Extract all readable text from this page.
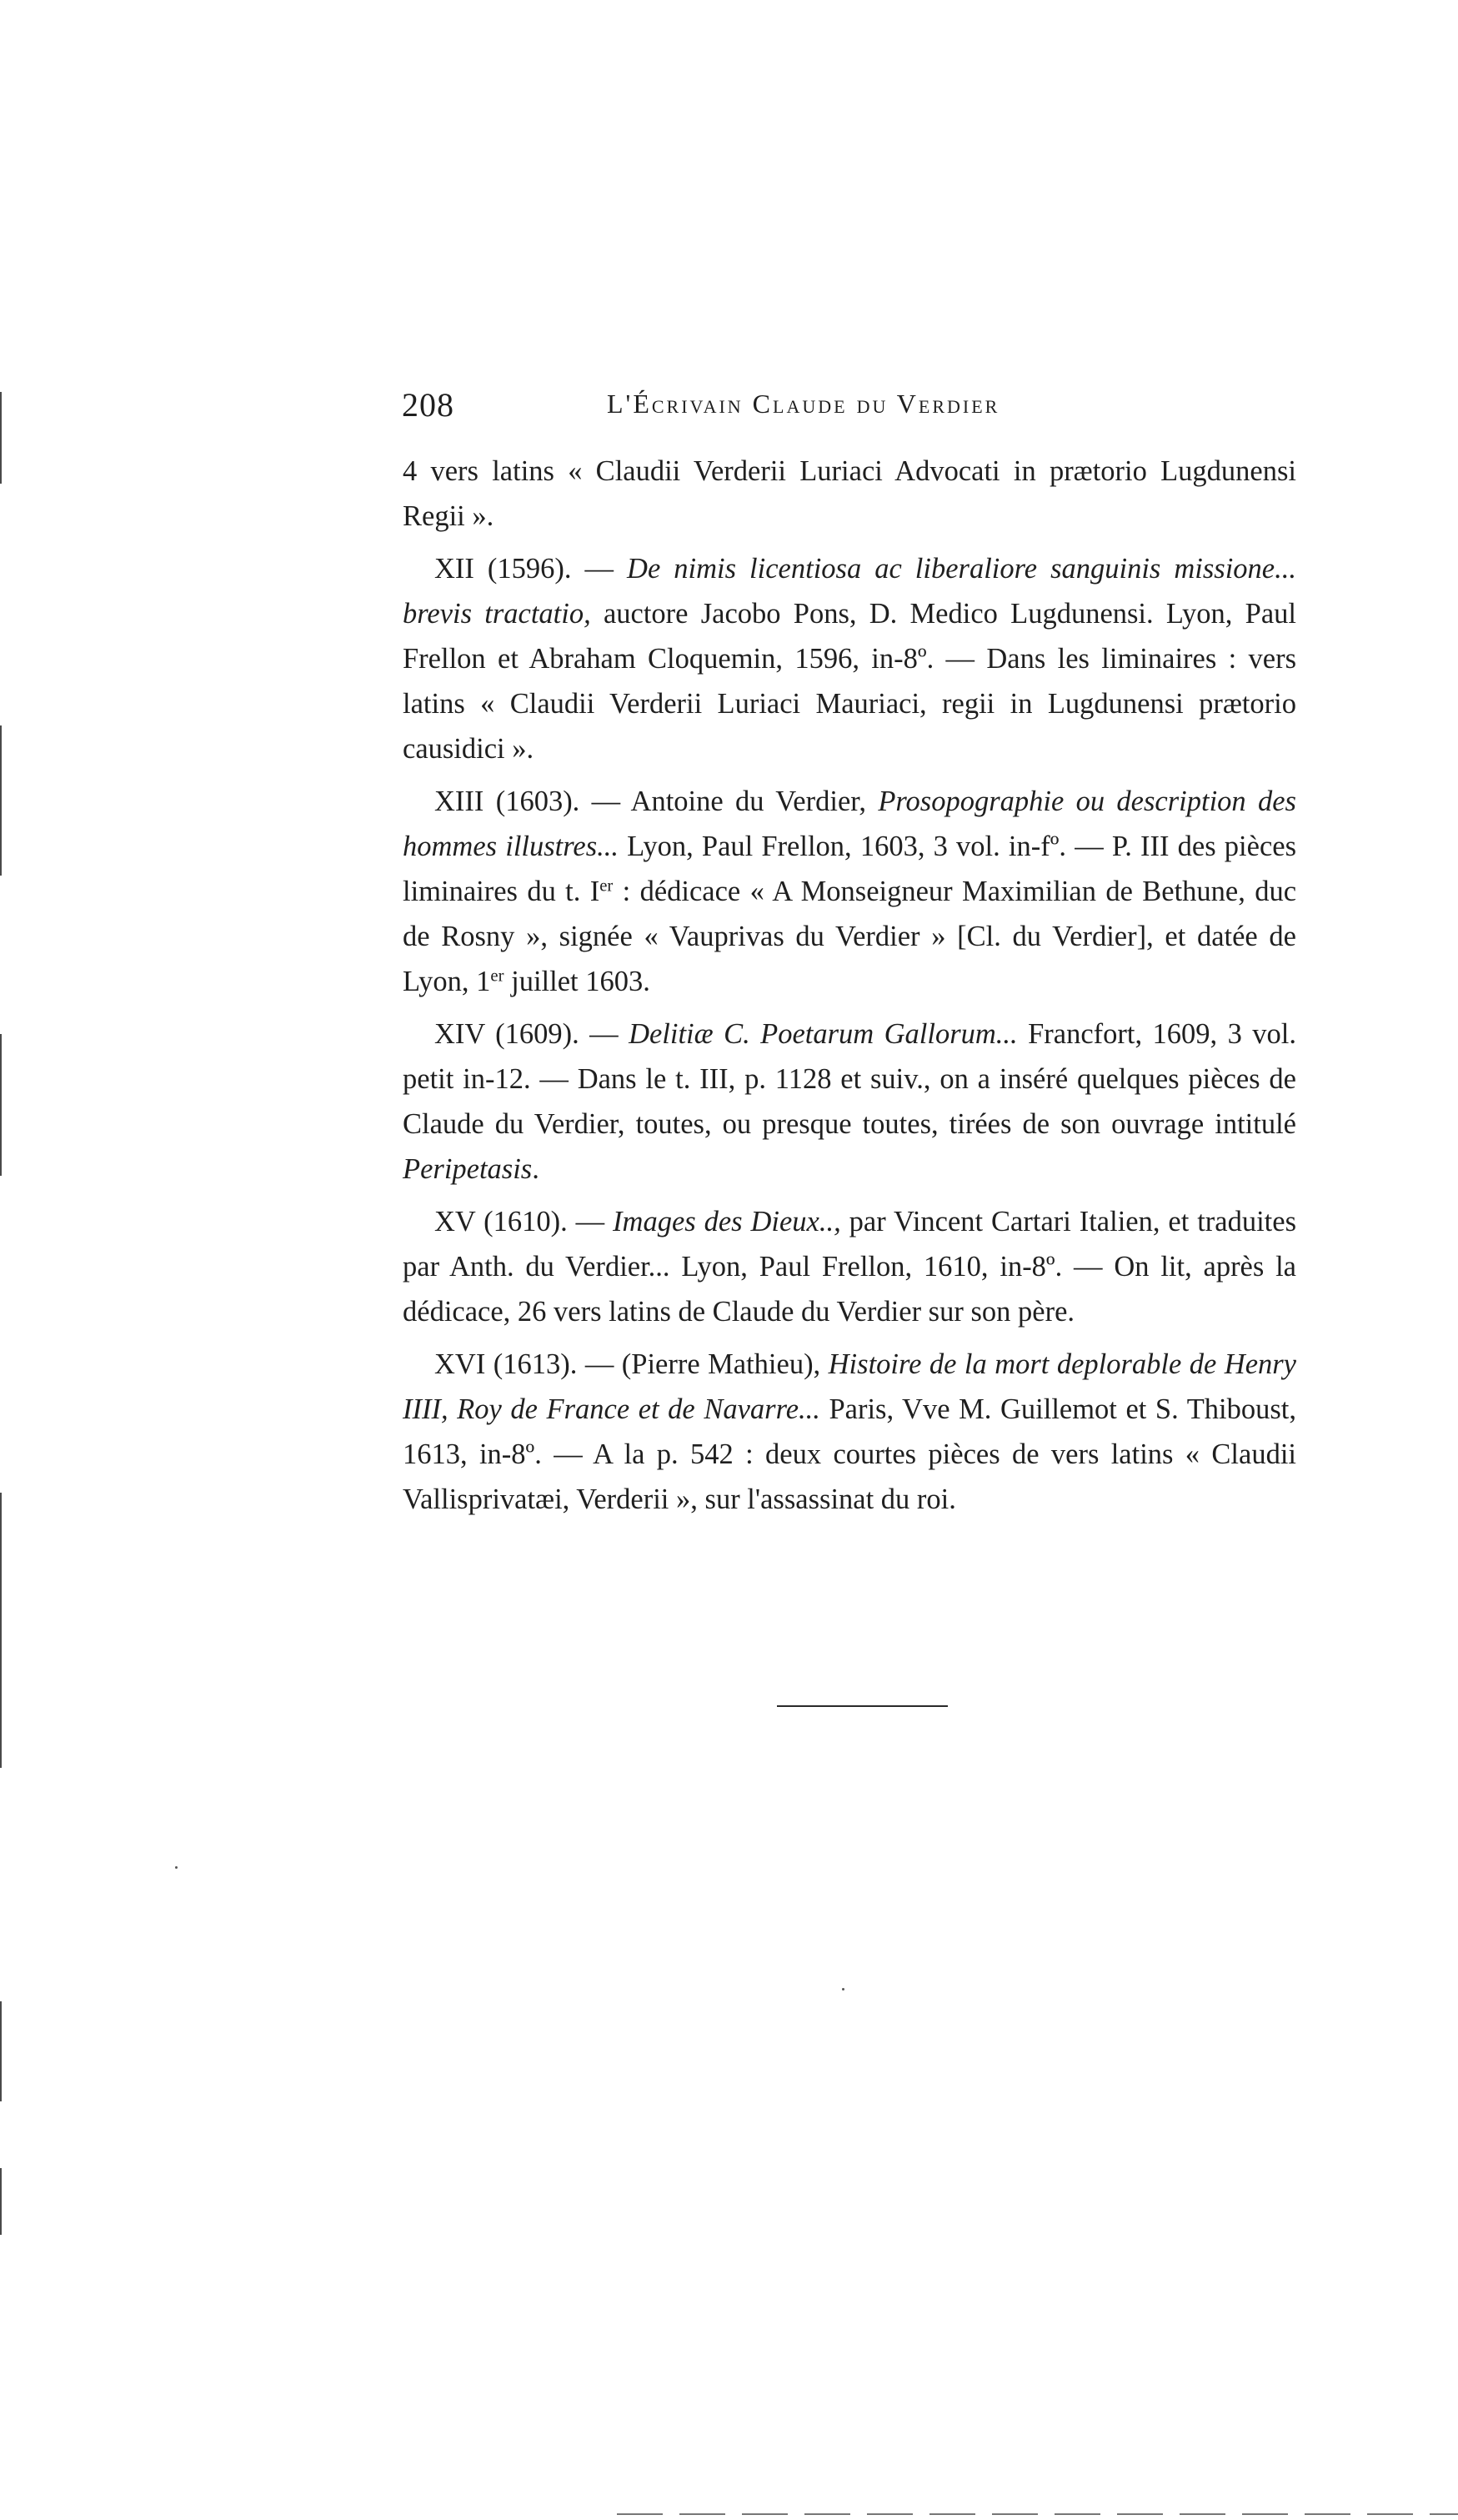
208	L'Écrivain Claude du Verdier

4 vers latins « Claudii Verderii Luriaci Advocati in prætorio Lugdunensi Regii ».

XII (1596). — De nimis licentiosa ac liberaliore sanguinis missione... brevis tractatio, auctore Jacobo Pons, D. Medico Lugdunensi. Lyon, Paul Frellon et Abraham Cloquemin, 1596, in-8º. — Dans les liminaires : vers latins « Claudii Verderii Luriaci Mauriaci, regii in Lugdunensi prætorio causidici ».

XIII (1603). — Antoine du Verdier, Prosopographie ou description des hommes illustres... Lyon, Paul Frellon, 1603, 3 vol. in-fº. — P. III des pièces liminaires du t. Ier : dédicace « A Monseigneur Maximilian de Bethune, duc de Rosny », signée « Vauprivas du Verdier » [Cl. du Verdier], et datée de Lyon, 1er juillet 1603.

XIV (1609). — Delitiæ C. Poetarum Gallorum... Francfort, 1609, 3 vol. petit in-12. — Dans le t. III, p. 1128 et suiv., on a inséré quelques pièces de Claude du Verdier, toutes, ou presque toutes, tirées de son ouvrage intitulé Peripetasis.

XV (1610). — Images des Dieux.., par Vincent Cartari Italien, et traduites par Anth. du Verdier... Lyon, Paul Frellon, 1610, in-8º. — On lit, après la dédicace, 26 vers latins de Claude du Verdier sur son père.

XVI (1613). — (Pierre Mathieu), Histoire de la mort deplorable de Henry IIII, Roy de France et de Navarre... Paris, Vve M. Guillemot et S. Thiboust, 1613, in-8º. — A la p. 542 : deux courtes pièces de vers latins « Claudii Vallisprivatæi, Verderii », sur l'assassinat du roi.
